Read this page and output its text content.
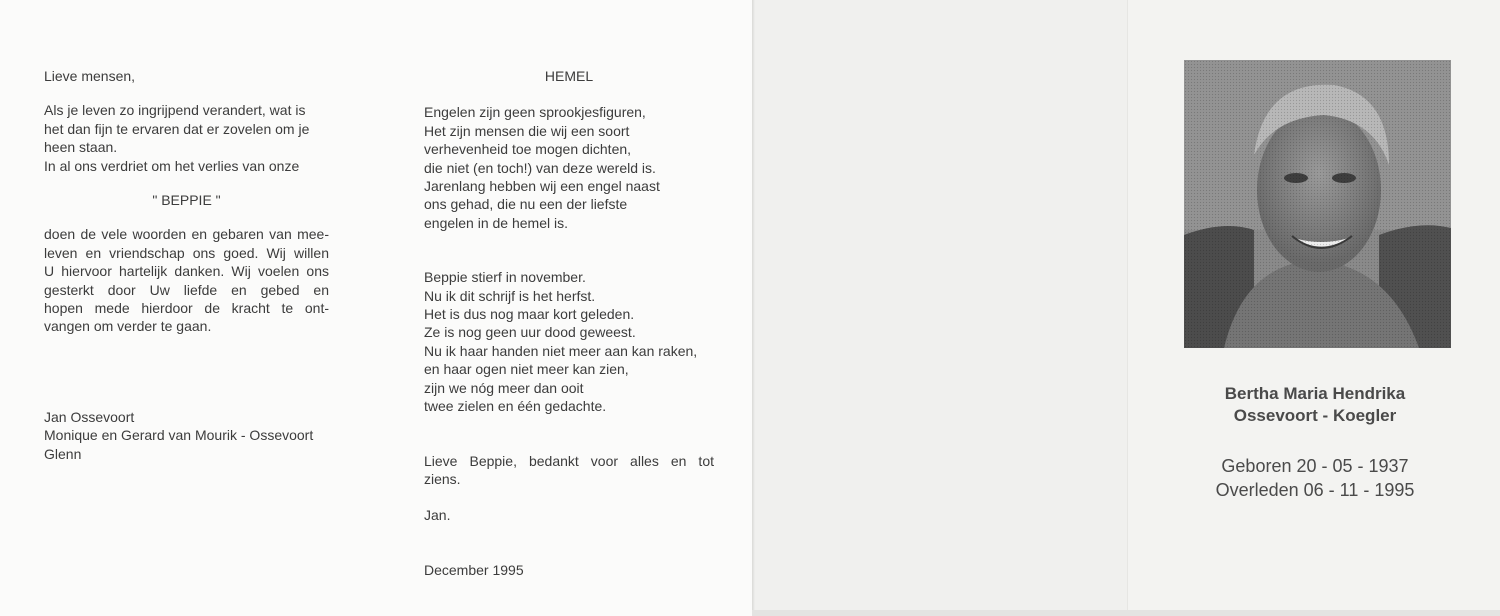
Lieve mensen,

Als je leven zo ingrijpend verandert, wat is

het dan fijn te ervaren dat er zovelen om je

heen staan.

In al ons verdriet om het verlies van onze

" BEPPIE "

doen de vele woorden en gebaren van mee-

leven en vriendschap ons goed. Wij willen

U hiervoor hartelijk danken. Wij voelen ons

gesterkt door Uw liefde en gebed en

hopen mede hierdoor de kracht te ont-

vangen om verder te gaan.

Jan Ossevoort

Monique en Gerard van Mourik - Ossevoort

Glenn

HEMEL

Engelen zijn geen sprookjesfiguren,

Het zijn mensen die wij een soort

verhevenheid toe mogen dichten,

die niet (en toch!) van deze wereld is.

Jarenlang hebben wij een engel naast

ons gehad, die nu een der liefste

engelen in de hemel is.

Beppie stierf in november.

Nu ik dit schrijf is het herfst.

Het is dus nog maar kort geleden.

Ze is nog geen uur dood geweest.

Nu ik haar handen niet meer aan kan raken,

en haar ogen niet meer kan zien,

zijn we nóg meer dan ooit

twee zielen en één gedachte.

Lieve Beppie, bedankt voor alles en tot

ziens.

Jan.

December 1995

Bertha Maria Hendrika
Ossevoort - Koegler
Geboren 20 - 05 - 1937
Overleden 06 - 11 - 1995
